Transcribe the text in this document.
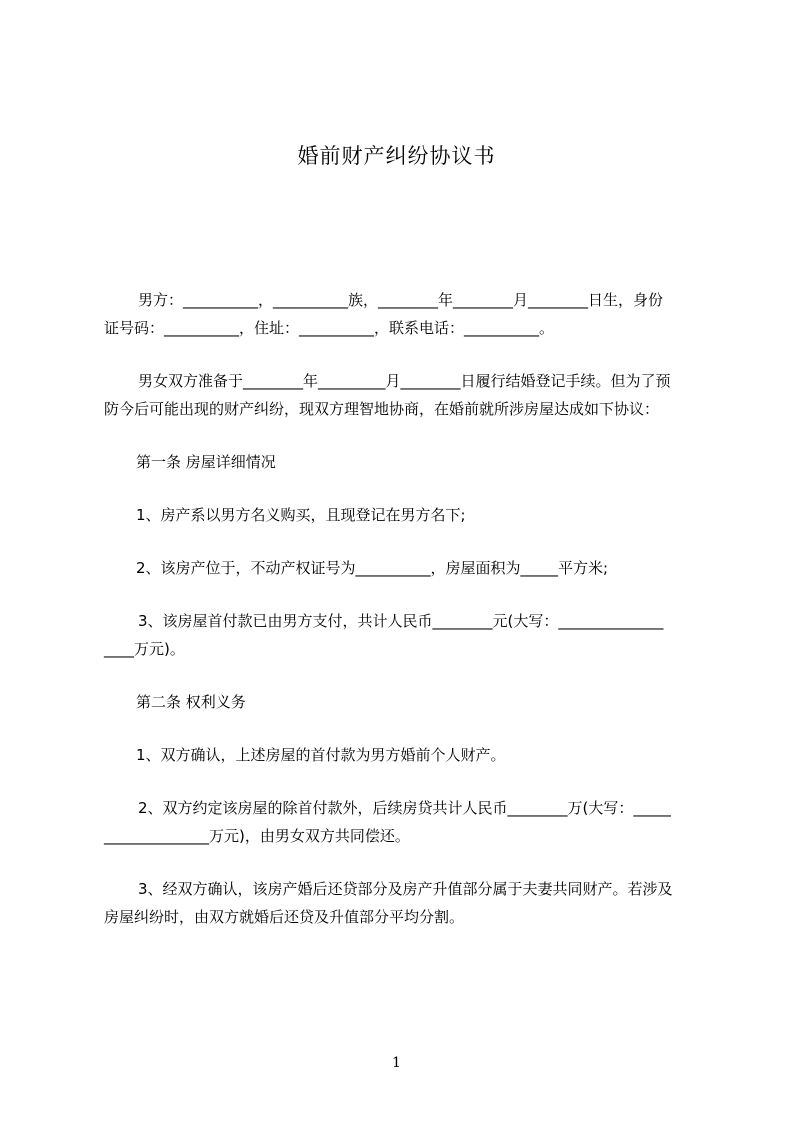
婚前财产纠纷协议书
男方：__________，__________族，________年________月________日生，身份
证号码：__________，住址：__________，联系电话：__________。
男女双方准备于________年_________月________日履行结婚登记手续。但为了预
防今后可能出现的财产纠纷，现双方理智地协商，在婚前就所涉房屋达成如下协议：
第一条 房屋详细情况
1、房产系以男方名义购买，且现登记在男方名下;
2、该房产位于，不动产权证号为__________，房屋面积为_____平方米;
3、该房屋首付款已由男方支付，共计人民币________元(大写：______________
____万元)。
第二条 权利义务
1、双方确认，上述房屋的首付款为男方婚前个人财产。
2、双方约定该房屋的除首付款外，后续房贷共计人民币________万(大写：_____
______________万元)，由男女双方共同偿还。
3、经双方确认，该房产婚后还贷部分及房产升值部分属于夫妻共同财产。若涉及
房屋纠纷时，由双方就婚后还贷及升值部分平均分割。
1
